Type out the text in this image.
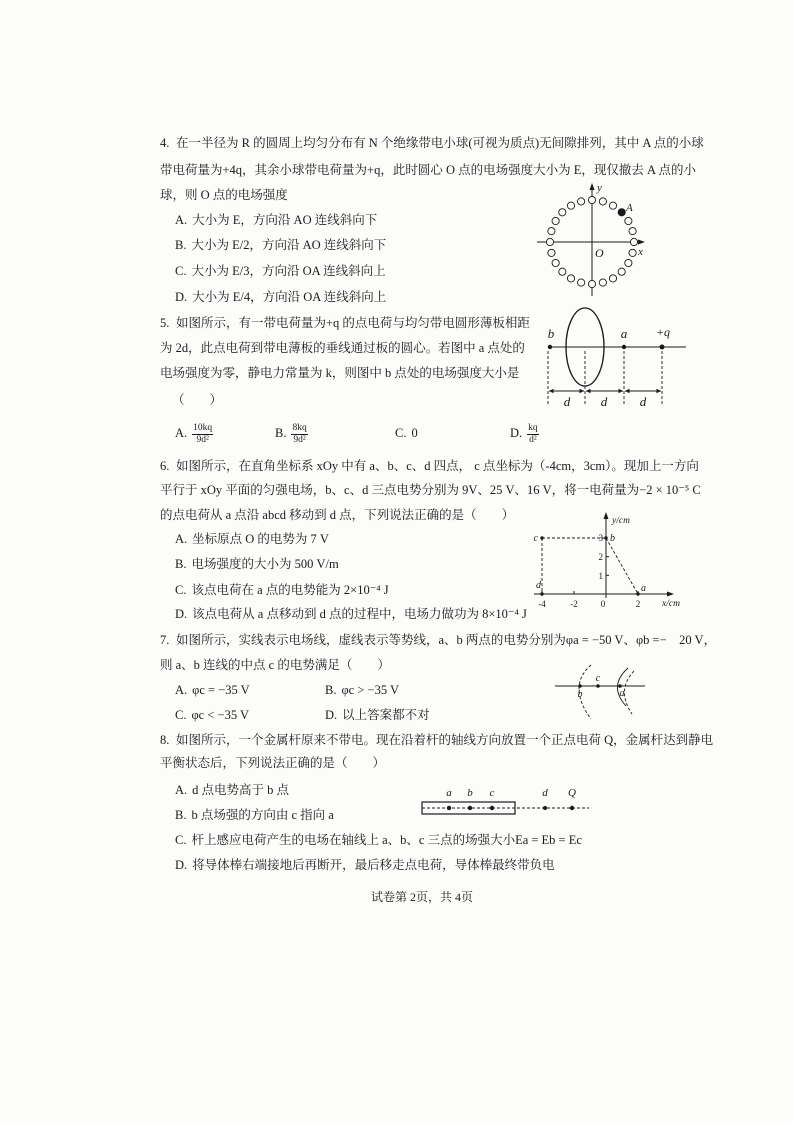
4. 在一半径为 R 的圆周上均匀分布有 N 个绝缘带电小球(可视为质点)无间隙排列，其中 A 点的小球
带电荷量为+4q，其余小球带电荷量为+q，此时圆心 O 点的电场强度大小为 E，现仅撤去 A 点的小
球，则 O 点的电场强度
A. 大小为 E，方向沿 AO 连线斜向下
B. 大小为 E/2，方向沿 AO 连线斜向下
C. 大小为 E/3，方向沿 OA 连线斜向上
D. 大小为 E/4，方向沿 OA 连线斜向上
y
x
O
A
5. 如图所示，有一带电荷量为+q 的点电荷与均匀带电圆形薄板相距
为 2d，此点电荷到带电薄板的垂线通过板的圆心。若图中 a 点处的
电场强度为零，静电力常量为 k，则图中 b 点处的电场强度大小是
（　　）
A. $\frac{10kq}{\text{9d²}}$	B. $\frac{8kq}{\text{9d²}}$	C. 0	D. $\frac{kq}{\text{d²}}$
b	a +q
d d	d
6. 如图所示，在直角坐标系 xOy 中有 a、b、c、d 四点， c 点坐标为（-4cm，3cm）。现加上一方向
平行于 xOy 平面的匀强电场，b、c、d 三点电势分别为 9V、25 V、16 V，将一电荷量为−2 × 10⁻⁵ C
的点电荷从 a 点沿 abcd 移动到 d 点，下列说法正确的是（　　）
A. 坐标原点 O 的电势为 7 V
B. 电场强度的大小为 500 V/m
C. 该点电荷在 a 点的电势能为 2×10⁻⁴ J
D. 该点电荷从 a 点移动到 d 点的过程中，电场力做功为 8×10⁻⁴ J
y/cm
x/cm
c	b
a
d
1
2
3
-4	-2	0	2
7. 如图所示，实线表示电场线，虚线表示等势线，a、b 两点的电势分别为φa = −50 V、φb =−　20 V，
则 a、b 连线的中点 c 的电势满足（　　）
A. φc = −35 V	B. φc > −35 V
C. φc < −35 V	D. 以上答案都不对
b
c
a
8. 如图所示，一个金属杆原来不带电。现在沿着杆的轴线方向放置一个正点电荷 Q，金属杆达到静电
平衡状态后，下列说法正确的是（　　）
A. d 点电势高于 b 点
B. b 点场强的方向由 c 指向 a
C. 杆上感应电荷产生的电场在轴线上 a、b、c 三点的场强大小Ea = Eb = Ec
D. 将导体棒右端接地后再断开，最后移走点电荷，导体棒最终带负电
a b c	d Q
试卷第 2页，共 4页
